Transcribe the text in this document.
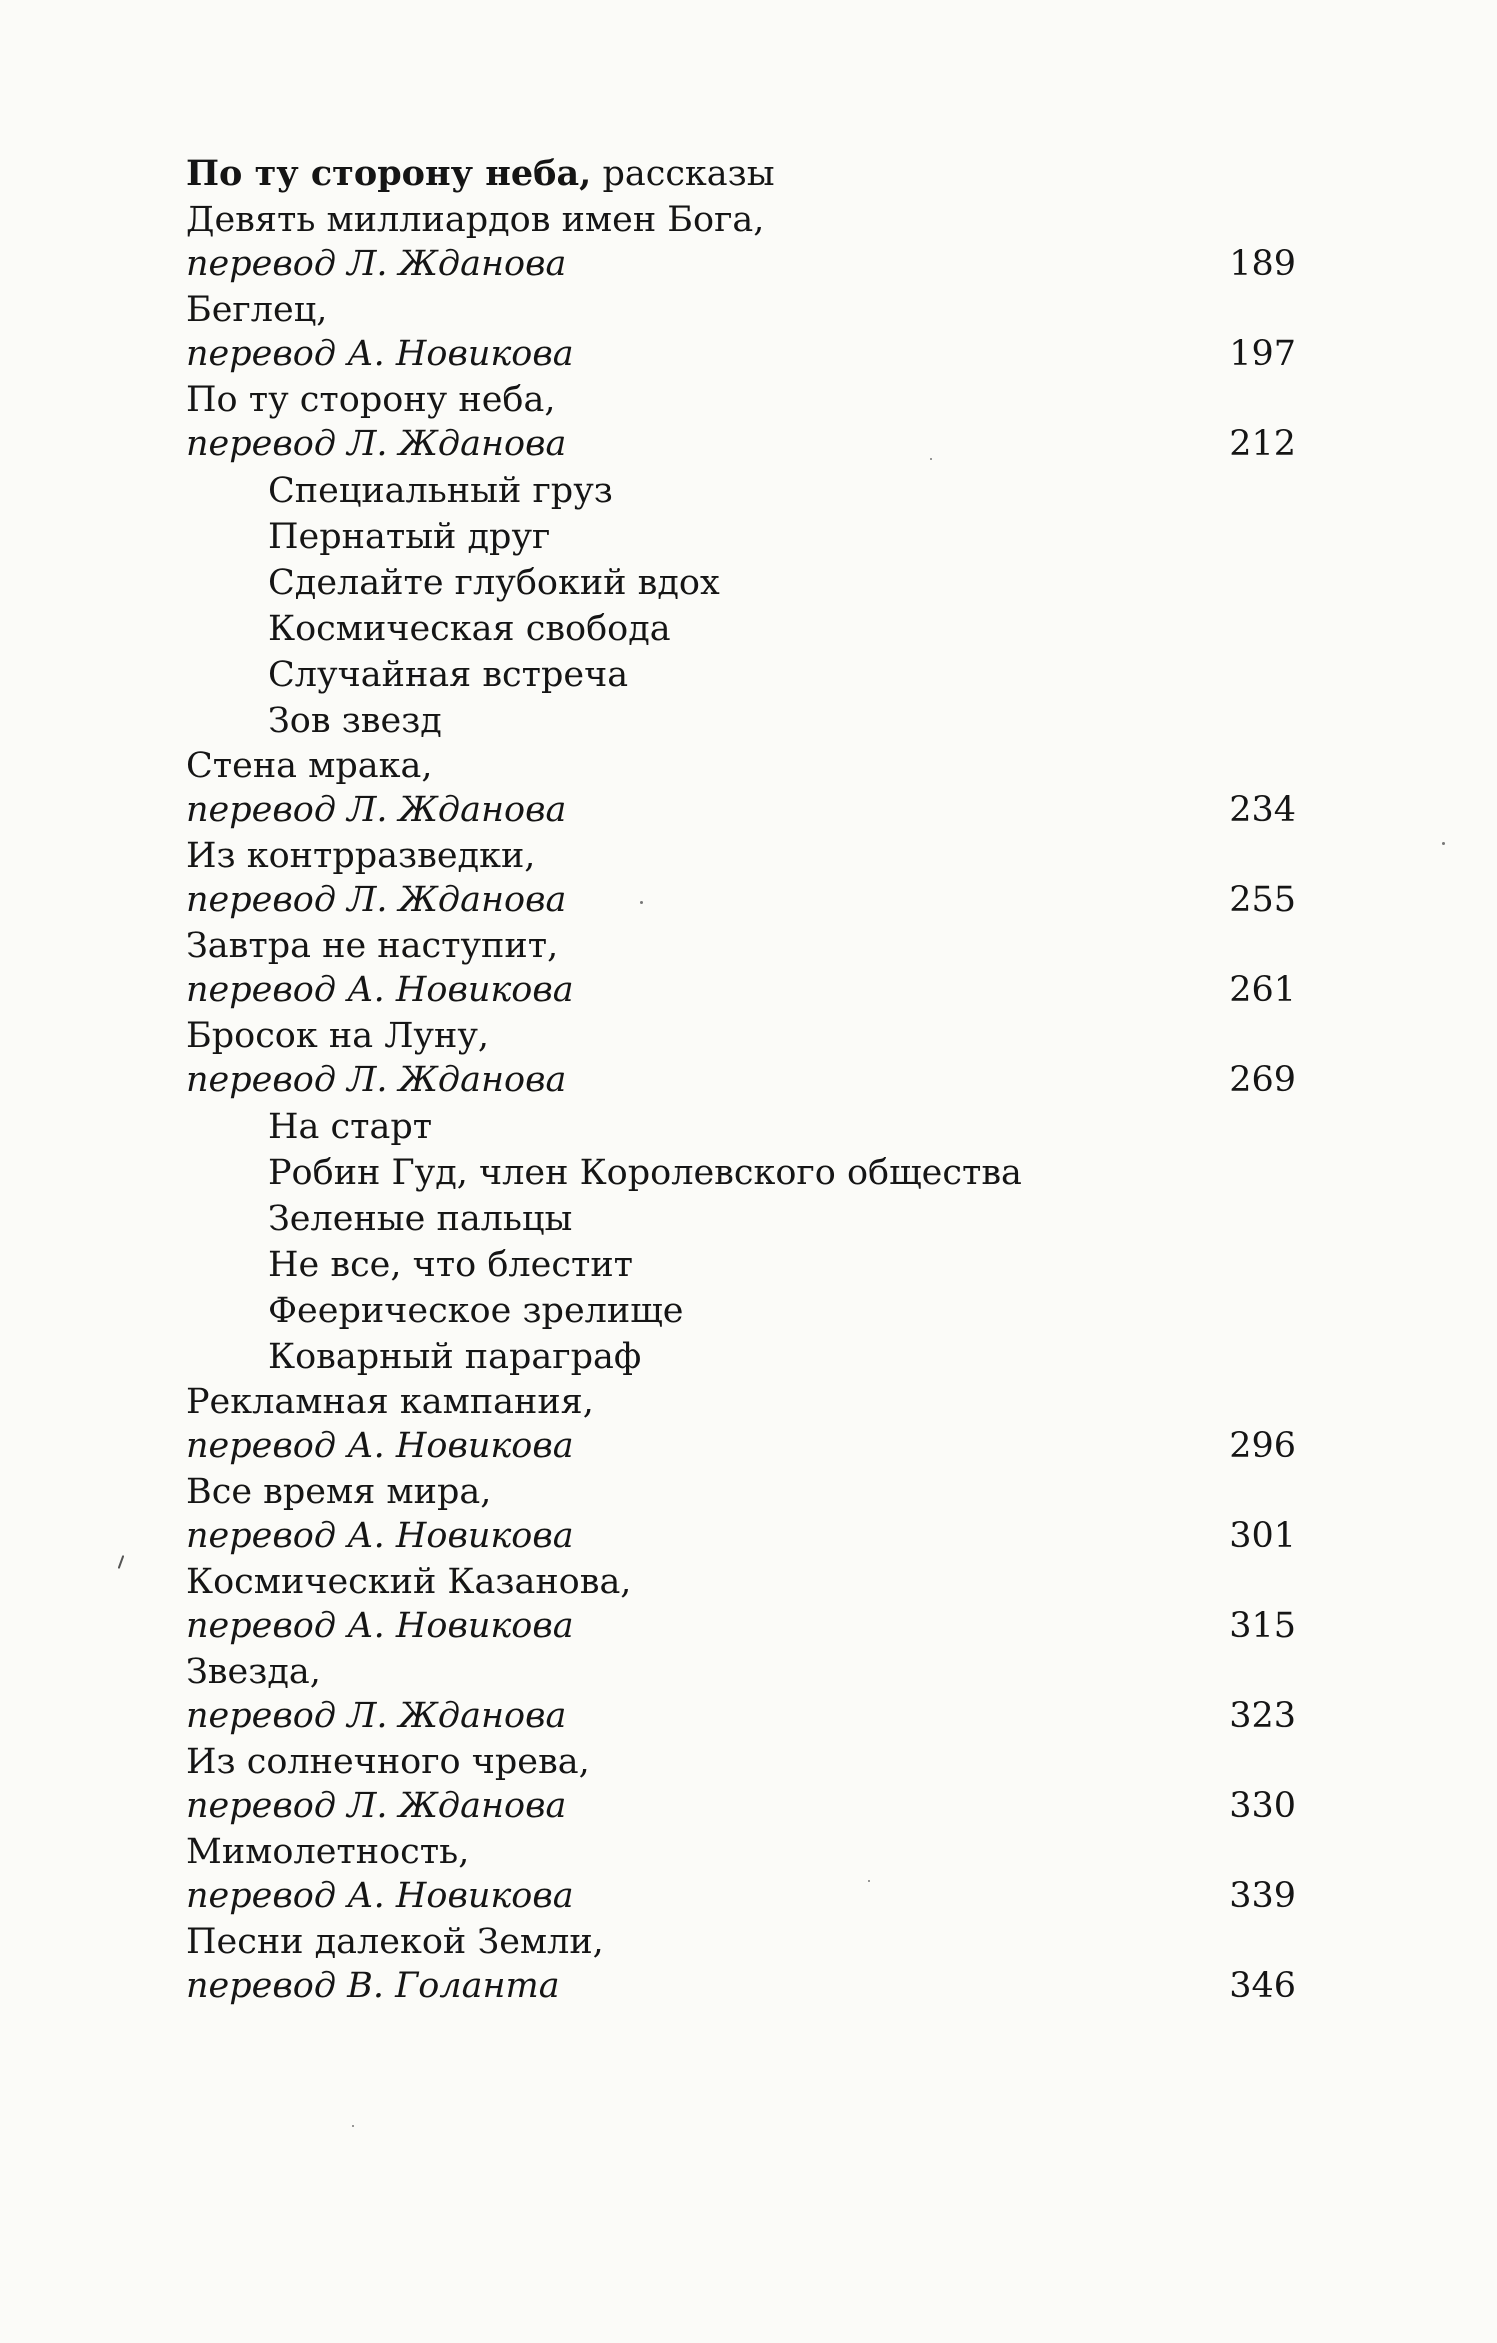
По ту сторону неба, рассказы
Девять миллиардов имен Бога,
перевод Л. Жданова	189
Беглец,
перевод А. Новикова	197
По ту сторону неба,
перевод Л. Жданова	212
Специальный груз
Пернатый друг
Сделайте глубокий вдох
Космическая свобода
Случайная встреча
Зов звезд
Стена мрака,
перевод Л. Жданова	234
Из контрразведки,
перевод Л. Жданова	255
Завтра не наступит,
перевод А. Новикова	261
Бросок на Луну,
перевод Л. Жданова	269
На старт
Робин Гуд, член Королевского общества
Зеленые пальцы
Не все, что блестит
Феерическое зрелище
Коварный параграф
Рекламная кампания,
перевод А. Новикова	296
Все время мира,
перевод А. Новикова	301
Космический Казанова,
перевод А. Новикова	315
Звезда,
перевод Л. Жданова	323
Из солнечного чрева,
перевод Л. Жданова	330
Мимолетность,
перевод А. Новикова	339
Песни далекой Земли,
перевод В. Голанта	346
